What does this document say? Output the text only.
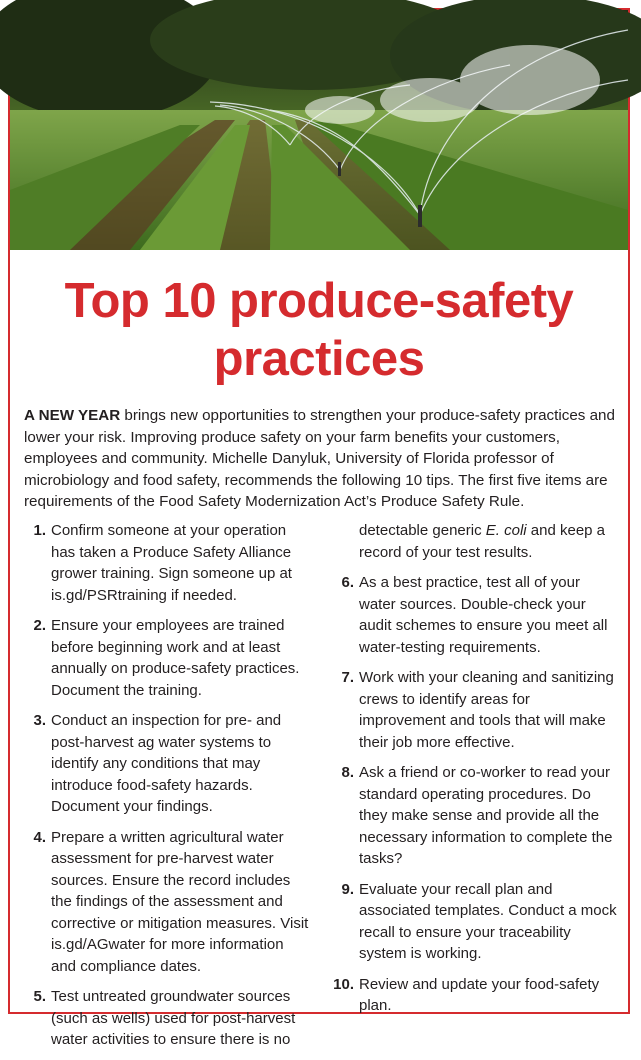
Top 10 produce-safety practices

A NEW YEAR brings new opportunities to strengthen your produce-safety practices and lower your risk. Improving produce safety on your farm benefits your customers, employees and community. Michelle Danyluk, University of Florida professor of microbiology and food safety, recommends the following 10 tips. The first five items are requirements of the Food Safety Modernization Act’s Produce Safety Rule.

1. Confirm someone at your operation has taken a Produce Safety Alliance grower training. Sign someone up at is.gd/PSRtraining if needed.

2. Ensure your employees are trained before beginning work and at least annually on produce-safety practices. Document the training.

3. Conduct an inspection for pre- and post-harvest ag water systems to identify any conditions that may introduce food-safety hazards. Document your findings.

4. Prepare a written agricultural water assessment for pre-harvest water sources. Ensure the record includes the findings of the assessment and corrective or mitigation measures. Visit is.gd/AGwater for more information and compliance dates.

5. Test untreated groundwater sources (such as wells) used for post-harvest water activities to ensure there is no

detectable generic E. coli and keep a record of your test results.

6. As a best practice, test all of your water sources. Double-check your audit schemes to ensure you meet all water-testing requirements.

7. Work with your cleaning and sanitizing crews to identify areas for improvement and tools that will make their job more effective.

8. Ask a friend or co-worker to read your standard operating procedures. Do they make sense and provide all the necessary information to complete the tasks?

9. Evaluate your recall plan and associated templates. Conduct a mock recall to ensure your traceability system is working.

10. Review and update your food-safety plan.
